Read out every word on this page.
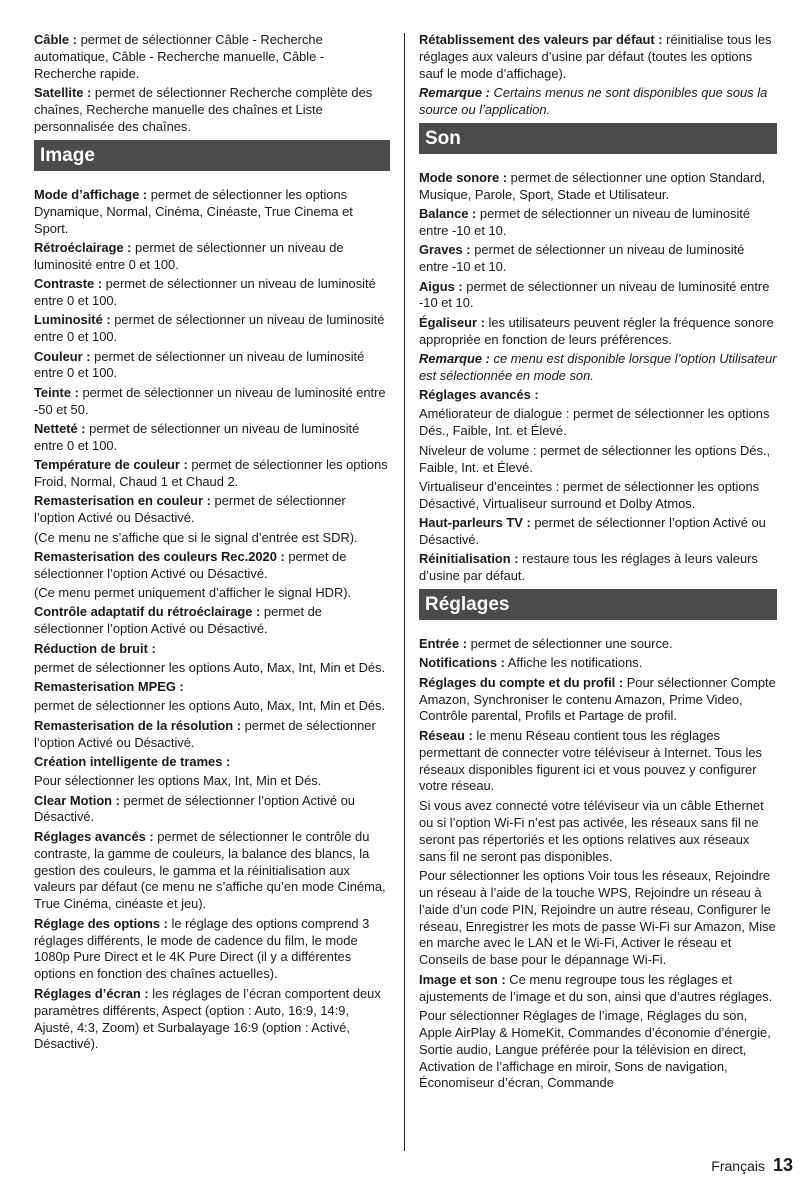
Câble : permet de sélectionner Câble - Recherche automatique, Câble - Recherche manuelle, Câble - Recherche rapide.

Satellite : permet de sélectionner Recherche complète des chaînes, Recherche manuelle des chaînes et Liste personnalisée des chaînes.

Image

Mode d’affichage : permet de sélectionner les options Dynamique, Normal, Cinéma, Cinéaste, True Cinema et Sport.

Rétroéclairage : permet de sélectionner un niveau de luminosité entre 0 et 100.

Contraste : permet de sélectionner un niveau de luminosité entre 0 et 100.

Luminosité : permet de sélectionner un niveau de luminosité entre 0 et 100.

Couleur : permet de sélectionner un niveau de luminosité entre 0 et 100.

Teinte : permet de sélectionner un niveau de luminosité entre -50 et 50.

Netteté : permet de sélectionner un niveau de luminosité entre 0 et 100.

Température de couleur : permet de sélectionner les options Froid, Normal, Chaud 1 et Chaud 2.

Remasterisation en couleur : permet de sélectionner l’option Activé ou Désactivé.

(Ce menu ne s’affiche que si le signal d’entrée est SDR).

Remasterisation des couleurs Rec.2020 : permet de sélectionner l’option Activé ou Désactivé.

(Ce menu permet uniquement d’afficher le signal HDR).

Contrôle adaptatif du rétroéclairage : permet de sélectionner l’option Activé ou Désactivé.

Réduction de bruit :

permet de sélectionner les options Auto, Max, Int, Min et Dés.

Remasterisation MPEG :

permet de sélectionner les options Auto, Max, Int, Min et Dés.

Remasterisation de la résolution : permet de sélectionner l’option Activé ou Désactivé.

Création intelligente de trames :

Pour sélectionner les options Max, Int, Min et Dés.

Clear Motion : permet de sélectionner l’option Activé ou Désactivé.

Réglages avancés : permet de sélectionner le contrôle du contraste, la gamme de couleurs, la balance des blancs, la gestion des couleurs, le gamma et la réinitialisation aux valeurs par défaut (ce menu ne s’affiche qu’en mode Cinéma, True Cinéma, cinéaste et jeu).

Réglage des options : le réglage des options comprend 3 réglages différents, le mode de cadence du film, le mode 1080p Pure Direct et le 4K Pure Direct (il y a différentes options en fonction des chaînes actuelles).

Réglages d’écran : les réglages de l’écran comportent deux paramètres différents, Aspect (option : Auto, 16:9, 14:9, Ajusté, 4:3, Zoom) et Surbalayage 16:9 (option : Activé, Désactivé).

Rétablissement des valeurs par défaut : réinitialise tous les réglages aux valeurs d’usine par défaut (toutes les options sauf le mode d’affichage).

Remarque : Certains menus ne sont disponibles que sous la source ou l’application.

Son

Mode sonore : permet de sélectionner une option Standard, Musique, Parole, Sport, Stade et Utilisateur.

Balance : permet de sélectionner un niveau de luminosité entre -10 et 10.

Graves : permet de sélectionner un niveau de luminosité entre -10 et 10.

Aigus : permet de sélectionner un niveau de luminosité entre -10 et 10.

Égaliseur : les utilisateurs peuvent régler la fréquence sonore appropriée en fonction de leurs préférences.

Remarque : ce menu est disponible lorsque l’option Utilisateur est sélectionnée en mode son.

Réglages avancés :

Améliorateur de dialogue : permet de sélectionner les options Dés., Faible, Int. et Élevé.

Niveleur de volume : permet de sélectionner les options Dés., Faible, Int. et Élevé.

Virtualiseur d’enceintes : permet de sélectionner les options Désactivé, Virtualiseur surround et Dolby Atmos.

Haut-parleurs TV : permet de sélectionner l’option Activé ou Désactivé.

Réinitialisation : restaure tous les réglages à leurs valeurs d’usine par défaut.

Réglages

Entrée : permet de sélectionner une source.

Notifications : Affiche les notifications.

Réglages du compte et du profil : Pour sélectionner Compte Amazon, Synchroniser le contenu Amazon, Prime Video, Contrôle parental, Profils et Partage de profil.

Réseau : le menu Réseau contient tous les réglages permettant de connecter votre téléviseur à Internet. Tous les réseaux disponibles figurent ici et vous pouvez y configurer votre réseau.

Si vous avez connecté votre téléviseur via un câble Ethernet ou si l’option Wi-Fi n’est pas activée, les réseaux sans fil ne seront pas répertoriés et les options relatives aux réseaux sans fil ne seront pas disponibles.

Pour sélectionner les options Voir tous les réseaux, Rejoindre un réseau à l’aide de la touche WPS, Rejoindre un réseau à l’aide d’un code PIN, Rejoindre un autre réseau, Configurer le réseau, Enregistrer les mots de passe Wi-Fi sur Amazon, Mise en marche avec le LAN et le Wi-Fi, Activer le réseau et Conseils de base pour le dépannage Wi-Fi.

Image et son : Ce menu regroupe tous les réglages et ajustements de l’image et du son, ainsi que d’autres réglages.

Pour sélectionner Réglages de l’image, Réglages du son, Apple AirPlay & HomeKit, Commandes d’économie d’énergie, Sortie audio, Langue préférée pour la télévision en direct, Activation de l’affichage en miroir, Sons de navigation, Économiseur d’écran, Commande

Français 13
